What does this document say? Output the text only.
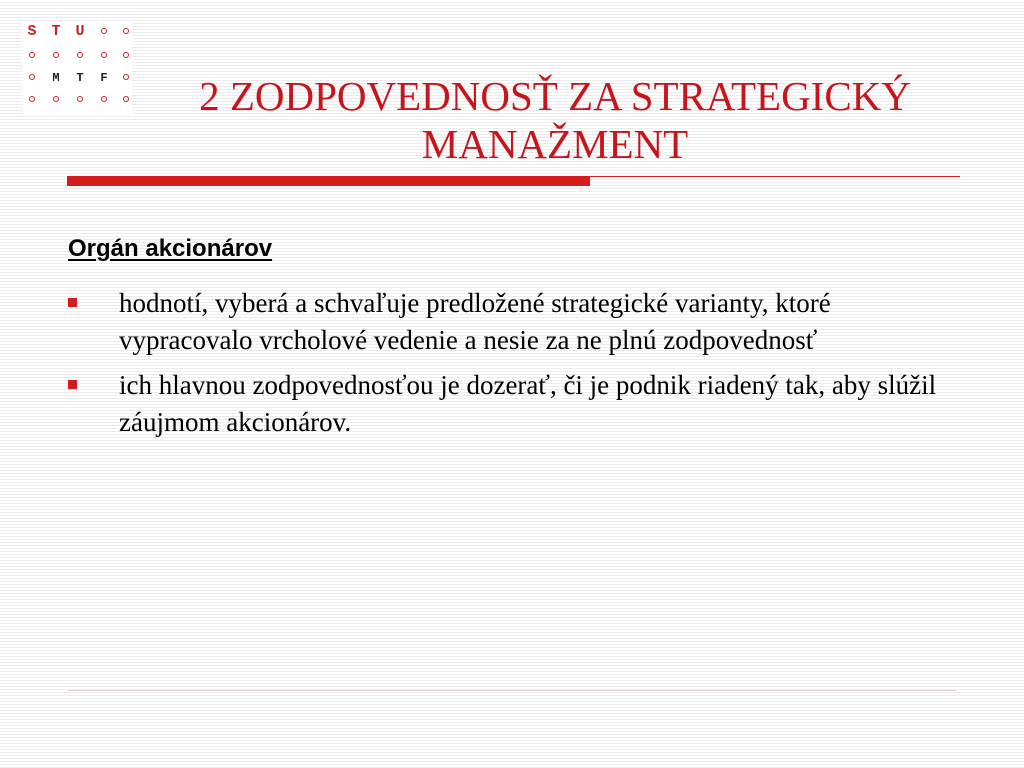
S T U
M	T	F	2 ZODPOVEDNOSŤ ZA STRATEGICKÝ
MANAŽMENT
Orgán akcionárov
hodnotí, vyberá a schvaľuje predložené strategické varianty, ktoré vypracovalo vrcholové vedenie a nesie za ne plnú zodpovednosť
ich hlavnou zodpovednosťou je dozerať, či je podnik riadený tak, aby slúžil záujmom akcionárov.
